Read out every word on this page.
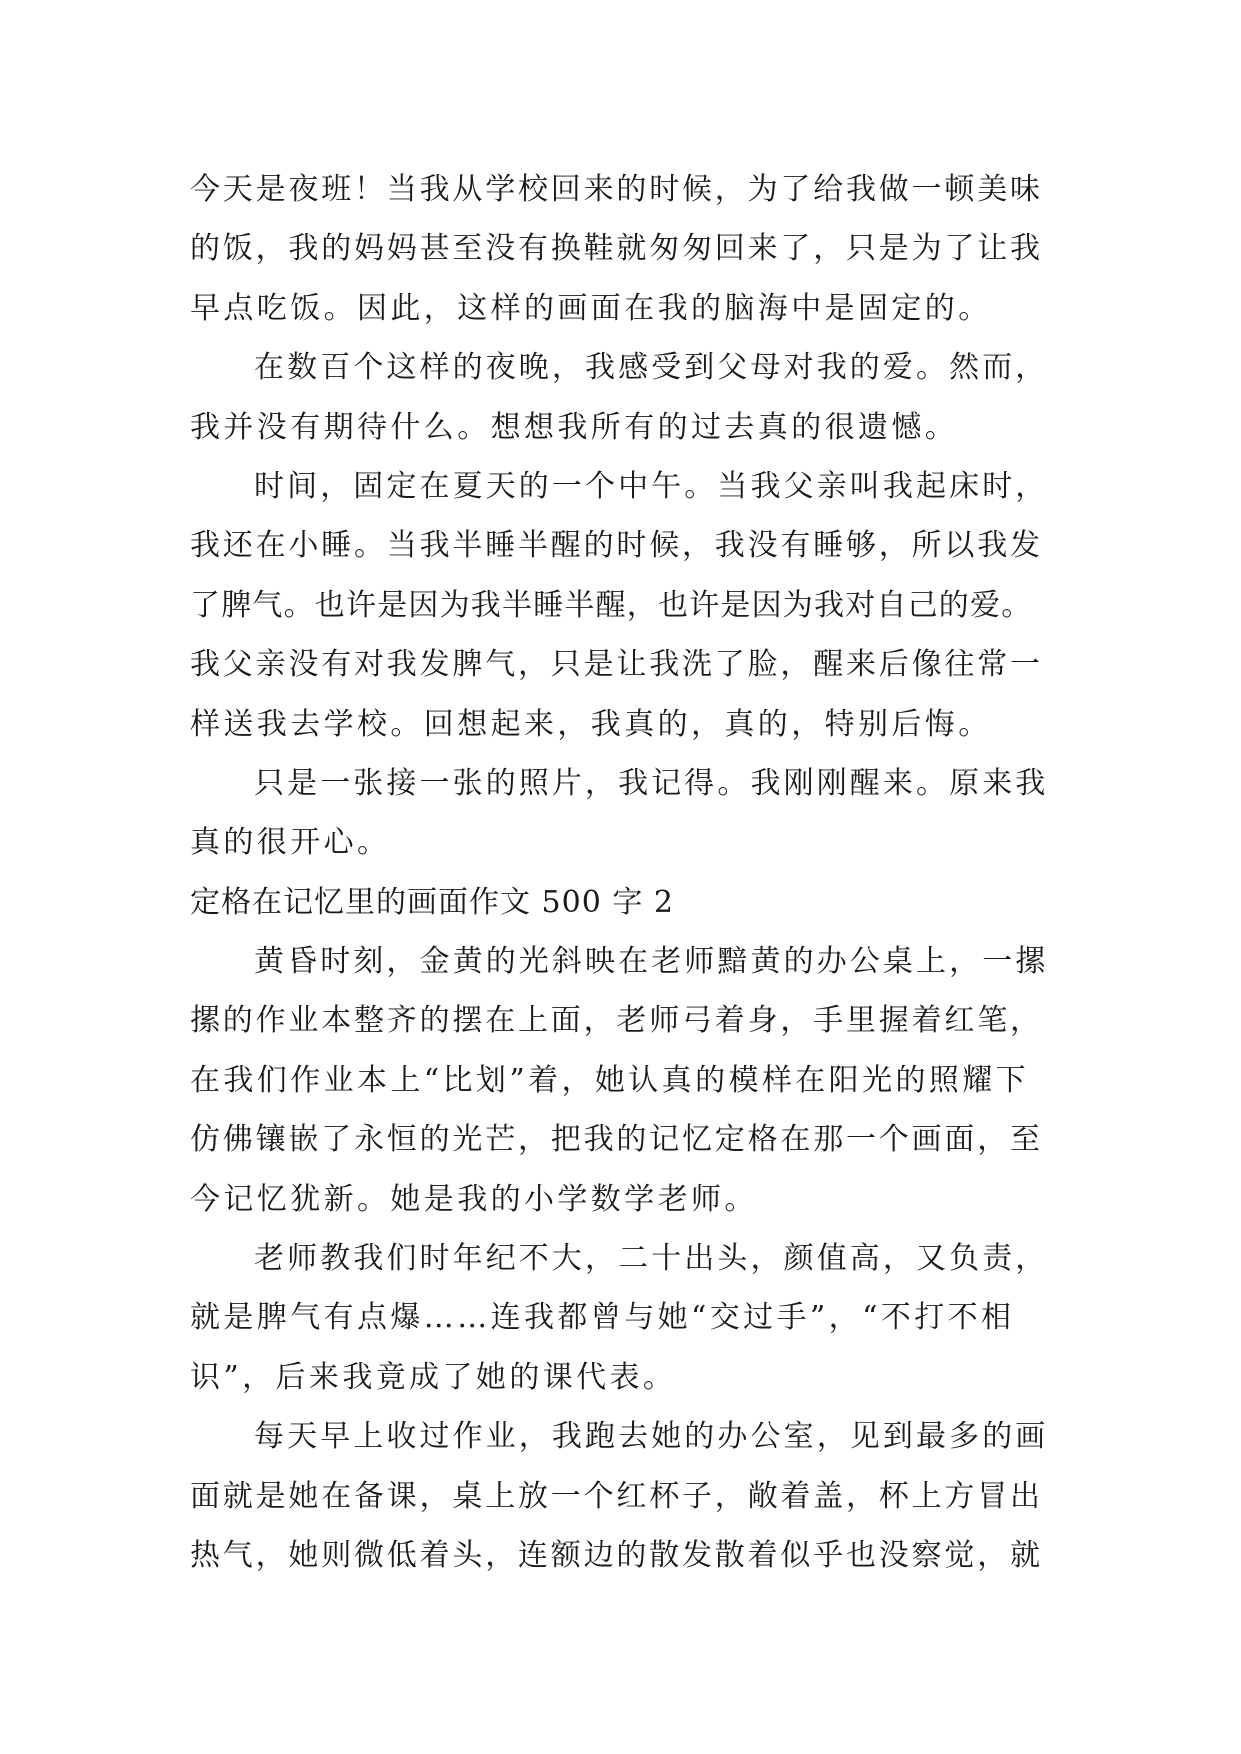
今天是夜班！当我从学校回来的时候，为了给我做一顿美味
的饭，我的妈妈甚至没有换鞋就匆匆回来了，只是为了让我
早点吃饭。因此，这样的画面在我的脑海中是固定的。
在数百个这样的夜晚，我感受到父母对我的爱。然而，
我并没有期待什么。想想我所有的过去真的很遗憾。
时间，固定在夏天的一个中午。当我父亲叫我起床时，
我还在小睡。当我半睡半醒的时候，我没有睡够，所以我发
了脾气。也许是因为我半睡半醒，也许是因为我对自己的爱。
我父亲没有对我发脾气，只是让我洗了脸，醒来后像往常一
样送我去学校。回想起来，我真的，真的，特别后悔。
只是一张接一张的照片，我记得。我刚刚醒来。原来我
真的很开心。
定格在记忆里的画面作文 500 字 2
黄昏时刻，金黄的光斜映在老师黯黄的办公桌上，一摞
摞的作业本整齐的摆在上面，老师弓着身，手里握着红笔，
在我们作业本上“比划”着，她认真的模样在阳光的照耀下
仿佛镶嵌了永恒的光芒，把我的记忆定格在那一个画面，至
今记忆犹新。她是我的小学数学老师。
老师教我们时年纪不大，二十出头，颜值高，又负责，
就是脾气有点爆……连我都曾与她“交过手”，“不打不相
识”，后来我竟成了她的课代表。
每天早上收过作业，我跑去她的办公室，见到最多的画
面就是她在备课，桌上放一个红杯子，敞着盖，杯上方冒出
热气，她则微低着头，连额边的散发散着似乎也没察觉，就
